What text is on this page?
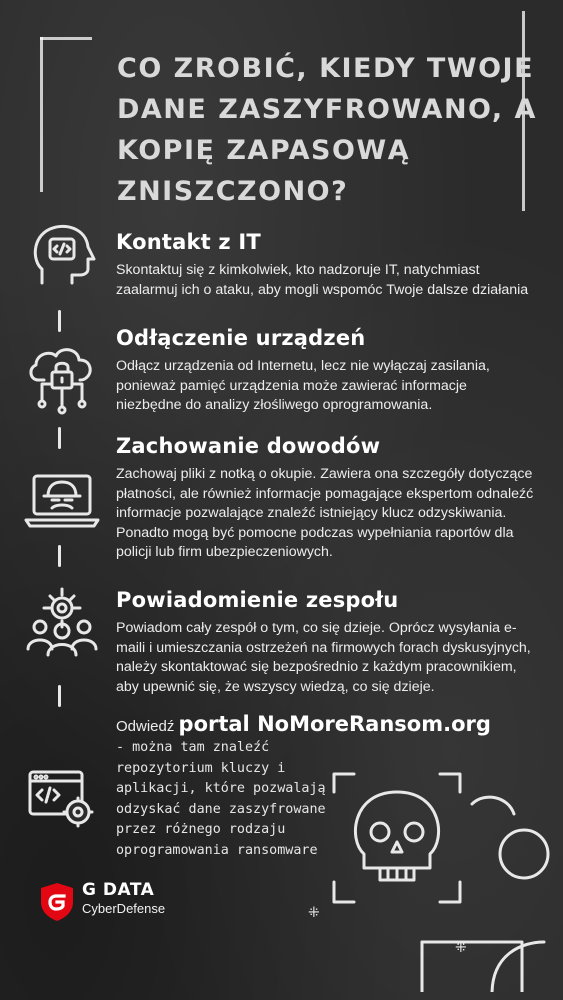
CO ZROBIĆ, KIEDY TWOJE DANE ZASZYFROWANO, A KOPIĘ ZAPASOWĄ ZNISZCZONO?
Kontakt z IT

Skontaktuj się z kimkolwiek, kto nadzoruje IT, natychmiast zaalarmuj ich o ataku, aby mogli wspomóc Twoje dalsze działania

Odłączenie urządzeń

Odłącz urządzenia od Internetu, lecz nie wyłączaj zasilania, ponieważ pamięć urządzenia może zawierać informacje niezbędne do analizy złośliwego oprogramowania.

Zachowanie dowodów

Zachowaj pliki z notką o okupie. Zawiera ona szczegóły dotyczące płatności, ale również informacje pomagające ekspertom odnaleźć informacje pozwalające znaleźć istniejący klucz odzyskiwania. Ponadto mogą być pomocne podczas wypełniania raportów dla policji lub firm ubezpieczeniowych.

Powiadomienie zespołu

Powiadom cały zespół o tym, co się dzieje. Oprócz wysyłania e-maili i umieszczania ostrzeżeń na firmowych forach dyskusyjnych, należy skontaktować się bezpośrednio z każdym pracownikiem, aby upewnić się, że wszyscy wiedzą, co się dzieje.

Odwiedź portal NoMoreRansom.org

- można tam znaleźć repozytorium kluczy i aplikacji, które pozwalają odzyskać dane zaszyfrowane przez różnego rodzaju oprogramowania ransomware

⁜
⁜
G DATA
CyberDefense
